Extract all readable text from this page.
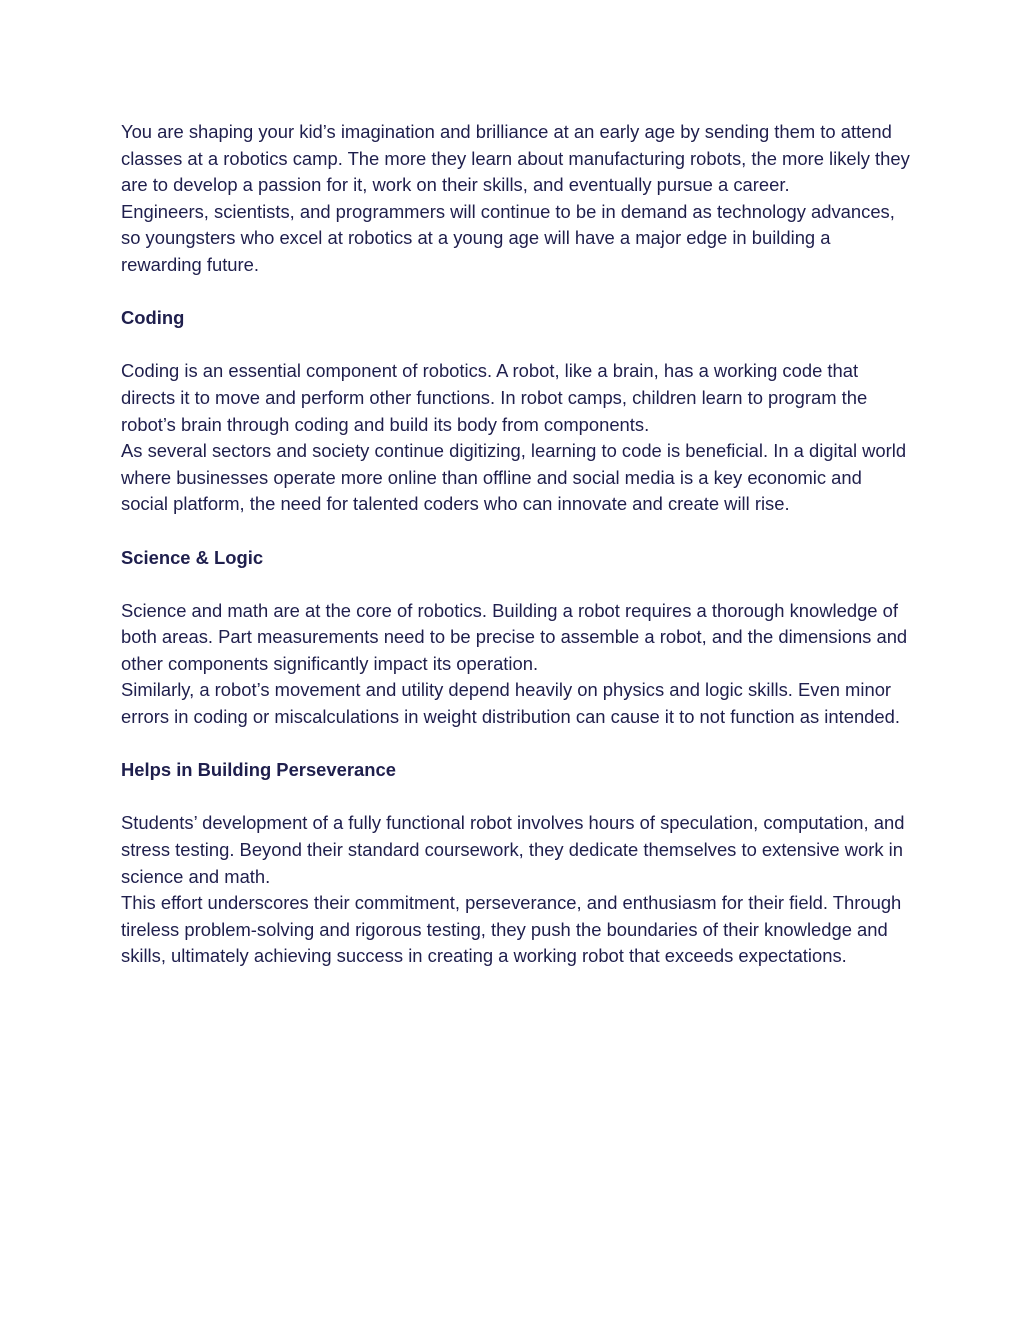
You are shaping your kid’s imagination and brilliance at an early age by sending them to attend classes at a robotics camp. The more they learn about manufacturing robots, the more likely they are to develop a passion for it, work on their skills, and eventually pursue a career.

Engineers, scientists, and programmers will continue to be in demand as technology advances, so youngsters who excel at robotics at a young age will have a major edge in building a rewarding future.

Coding

Coding is an essential component of robotics. A robot, like a brain, has a working code that directs it to move and perform other functions. In robot camps, children learn to program the robot’s brain through coding and build its body from components.

As several sectors and society continue digitizing, learning to code is beneficial. In a digital world where businesses operate more online than offline and social media is a key economic and social platform, the need for talented coders who can innovate and create will rise.

Science & Logic

Science and math are at the core of robotics. Building a robot requires a thorough knowledge of both areas. Part measurements need to be precise to assemble a robot, and the dimensions and other components significantly impact its operation.

Similarly, a robot’s movement and utility depend heavily on physics and logic skills. Even minor errors in coding or miscalculations in weight distribution can cause it to not function as intended.

Helps in Building Perseverance

Students’ development of a fully functional robot involves hours of speculation, computation, and stress testing. Beyond their standard coursework, they dedicate themselves to extensive work in science and math.

This effort underscores their commitment, perseverance, and enthusiasm for their field. Through tireless problem-solving and rigorous testing, they push the boundaries of their knowledge and skills, ultimately achieving success in creating a working robot that exceeds expectations.
